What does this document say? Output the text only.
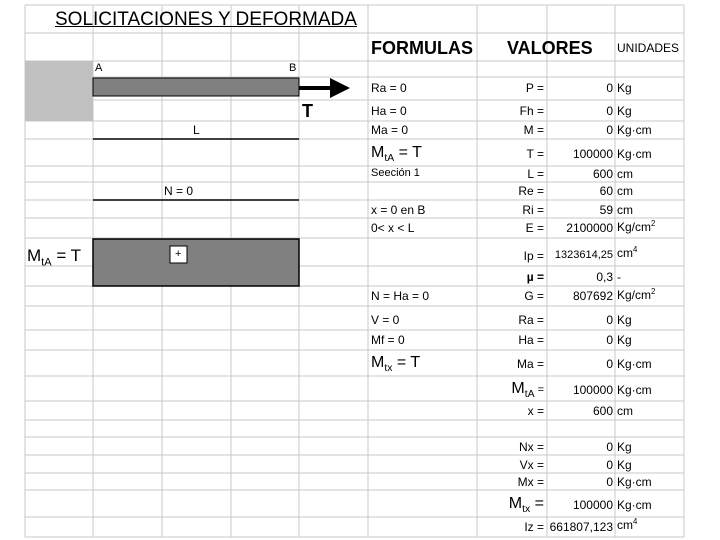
SOLICITACIONES Y DEFORMADA
FORMULAS VALORES UNIDADES
A	B
T
L
N = 0
$M_{tA} = T$	+
Ra = 0
Ha = 0
Ma = 0
$M_{tA} = T$
Seeción 1
x = 0 en B
0< x < L
N = Ha = 0
V = 0
Mf = 0
$M_{tx} = T$
P =	0 Kg
Fh =	0 Kg
M =	0 Kg·cm
T = 100000 Kg·cm
L =	600 cm
Re =	60 cm
Ri =	59 cm
E = 2100000 $Kg/cm^2$
Ip = 1323614,25 $cm^4$
µ =	0,3 -
G = 807692 $Kg/cm^2$
Ra =	0 Kg
Ha =	0 Kg
Ma =	0 Kg·cm
$M_{tA} = 100000$ Kg·cm
x =	600 cm
Nx =	0 Kg
Vx =	0 Kg
Mx =	0 Kg·cm
$M_{tx} = 100000$ Kg·cm
Iz = 661807,123 $cm^4$
